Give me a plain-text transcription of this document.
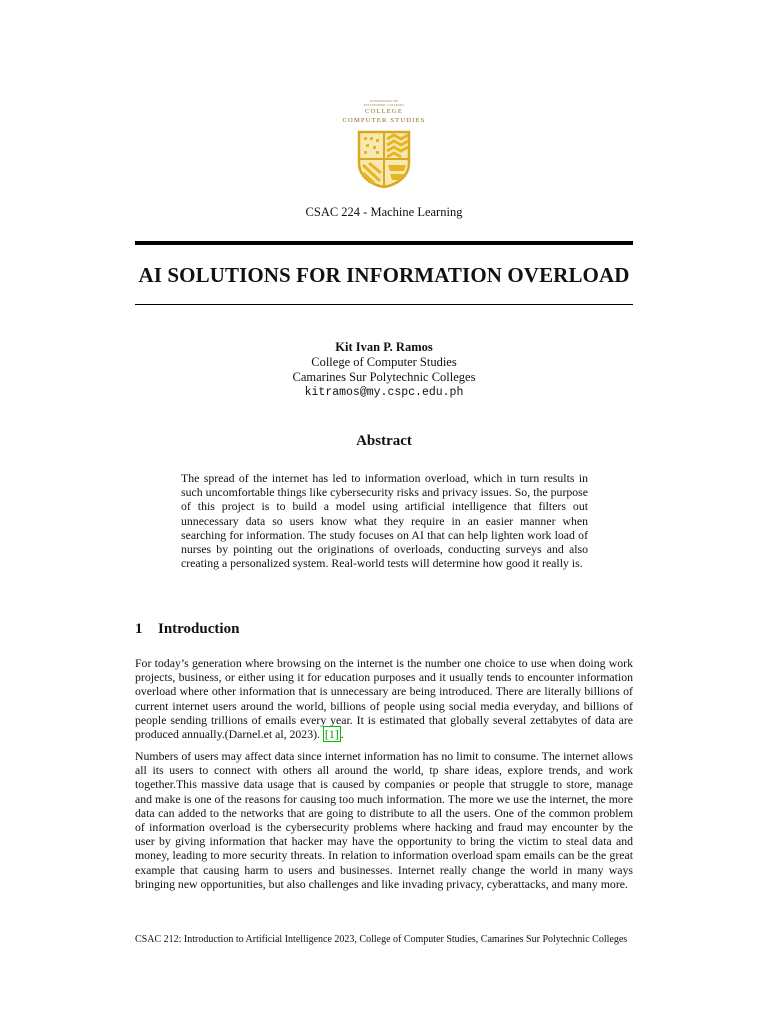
UNIVERSIDAD DE
POLYTECHNIC COLLEGES
COLLEGE
COMPUTER STUDIES
CSAC 224 - Machine Learning
AI SOLUTIONS FOR INFORMATION OVERLOAD
Kit Ivan P. Ramos
College of Computer Studies
Camarines Sur Polytechnic Colleges
kitramos@my.cspc.edu.ph
Abstract
The spread of the internet has led to information overload, which in turn results in such uncomfortable things like cybersecurity risks and privacy issues. So, the purpose of this project is to build a model using artificial intelligence that filters out unnecessary data so users know what they require in an easier manner when searching for information. The study focuses on AI that can help lighten work load of nurses by pointing out the originations of overloads, conducting surveys and also creating a personalized system. Real-world tests will determine how good it really is.
1 Introduction
For today’s generation where browsing on the internet is the number one choice to use when doing work projects, business, or either using it for education purposes and it usually tends to encounter information overload where other information that is unnecessary are being introduced. There are literally billions of current internet users around the world, billions of people using social media everyday, and billions of people sending trillions of emails every year. It is estimated that globally several zettabytes of data are produced annually.(Darnel.et al, 2023). [1] .
Numbers of users may affect data since internet information has no limit to consume. The internet allows all its users to connect with others all around the world, tp share ideas, explore trends, and work together.This massive data usage that is caused by companies or people that struggle to store, manage and make is one of the reasons for causing too much information. The more we use the internet, the more data can added to the networks that are going to distribute to all the users. One of the common problem of information overload is the cybersecurity problems where hacking and fraud may encounter by the user by giving information that hacker may have the opportunity to bring the victim to steal data and money, leading to more security threats. In relation to information overload spam emails can be the great example that causing harm to users and businesses. Internet really change the world in many ways bringing new opportunities, but also challenges and like invading privacy, cyberattacks, and many more.
CSAC 212: Introduction to Artificial Intelligence 2023, College of Computer Studies, Camarines Sur Polytechnic Colleges
